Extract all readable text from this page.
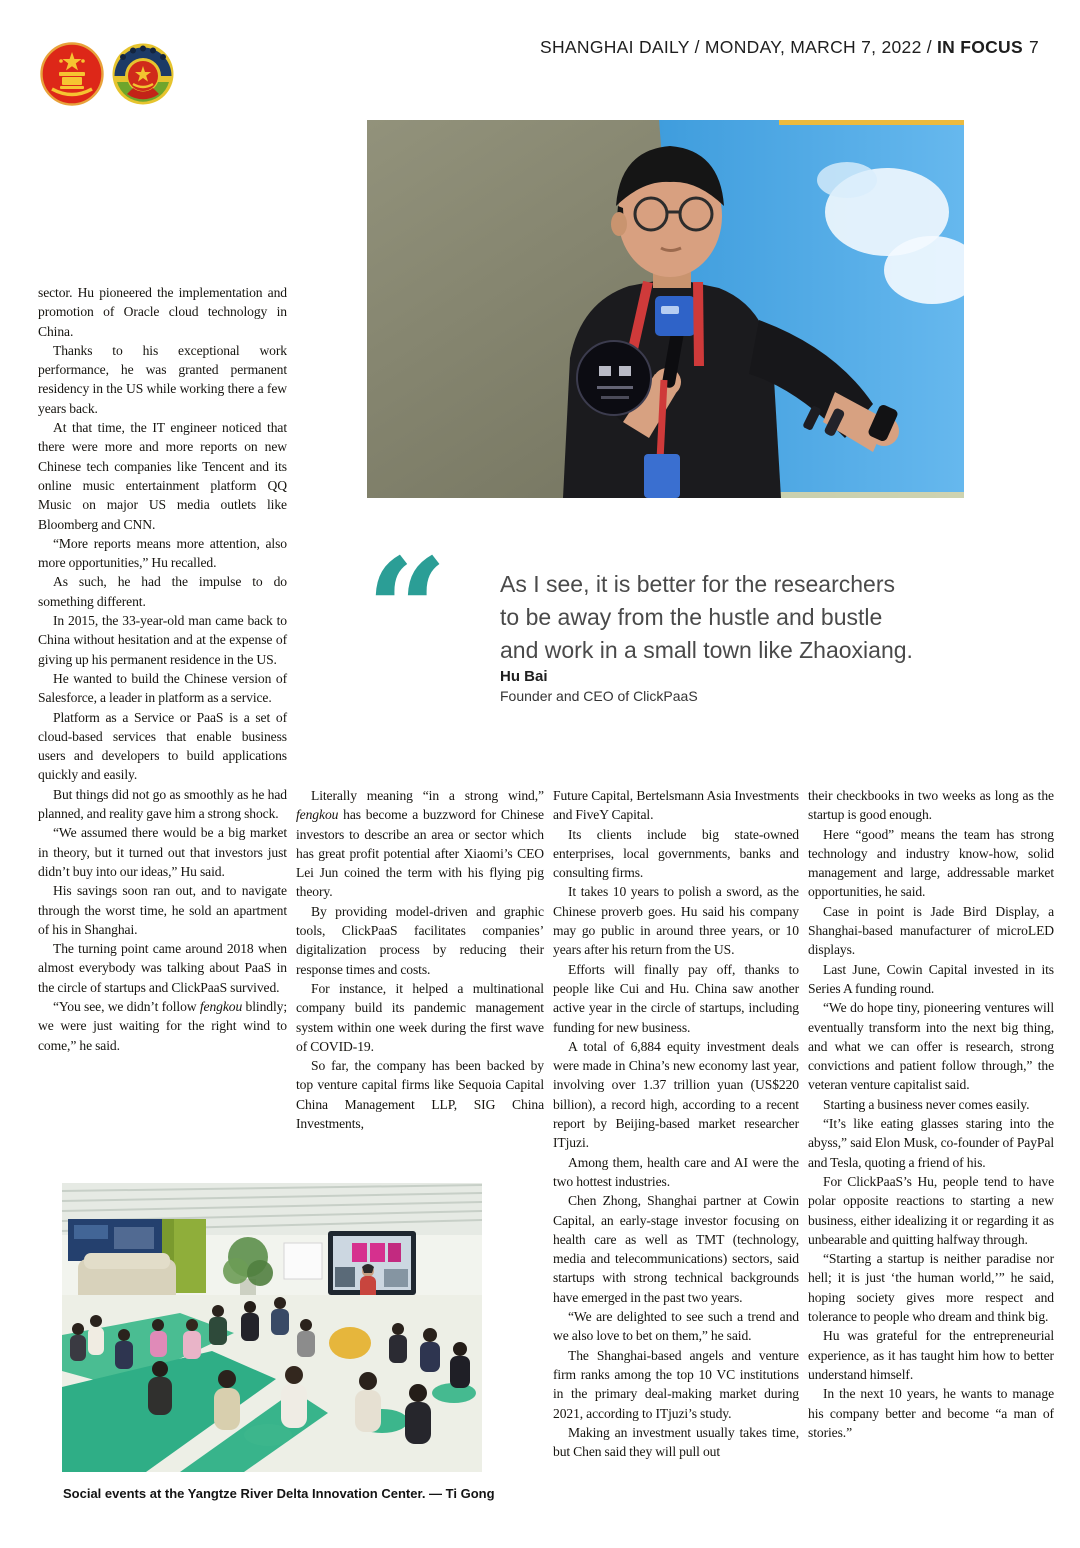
SHANGHAI DAILY / MONDAY, MARCH 7, 2022 / IN FOCUS 7
“ As I see, it is better for the researchers to be away from the hustle and bustle and work in a small town like Zhaoxiang.
Hu Bai
Founder and CEO of ClickPaaS

sector. Hu pioneered the implementation and promotion of Oracle cloud technology in China.

Thanks to his exceptional work performance, he was granted permanent residency in the US while working there a few years back.

At that time, the IT engineer noticed that there were more and more reports on new Chinese tech companies like Tencent and its online music entertainment platform QQ Music on major US media outlets like Bloomberg and CNN.

“More reports means more attention, also more opportunities,” Hu recalled.

As such, he had the impulse to do something different.

In 2015, the 33-year-old man came back to China without hesitation and at the expense of giving up his permanent residence in the US.

He wanted to build the Chinese version of Salesforce, a leader in platform as a service.

Platform as a Service or PaaS is a set of cloud-based services that enable business users and developers to build applications quickly and easily.

But things did not go as smoothly as he had planned, and reality gave him a strong shock.

“We assumed there would be a big market in theory, but it turned out that investors just didn’t buy into our ideas,” Hu said.

His savings soon ran out, and to navigate through the worst time, he sold an apartment of his in Shanghai.

The turning point came around 2018 when almost everybody was talking about PaaS in the circle of startups and ClickPaaS survived.

“You see, we didn’t follow fengkou blindly; we were just waiting for the right wind to come,” he said.

Literally meaning “in a strong wind,” fengkou has become a buzzword for Chinese investors to describe an area or sector which has great profit potential after Xiaomi’s CEO Lei Jun coined the term with his flying pig theory.

By providing model-driven and graphic tools, ClickPaaS facilitates companies’ digitalization process by reducing their response times and costs.

For instance, it helped a multinational company build its pandemic management system within one week during the first wave of COVID-19.

So far, the company has been backed by top venture capital firms like Sequoia Capital China Management LLP, SIG China Investments,

Future Capital, Bertelsmann Asia Investments and FiveY Capital.

Its clients include big state-owned enterprises, local governments, banks and consulting firms.

It takes 10 years to polish a sword, as the Chinese proverb goes. Hu said his company may go public in around three years, or 10 years after his return from the US.

Efforts will finally pay off, thanks to people like Cui and Hu. China saw another active year in the circle of startups, including funding for new business.

A total of 6,884 equity investment deals were made in China’s new economy last year, involving over 1.37 trillion yuan (US$220 billion), a record high, according to a recent report by Beijing-based market researcher ITjuzi.

Among them, health care and AI were the two hottest industries.

Chen Zhong, Shanghai partner at Cowin Capital, an early-stage investor focusing on health care as well as TMT (technology, media and telecommunications) sectors, said startups with strong technical backgrounds have emerged in the past two years.

“We are delighted to see such a trend and we also love to bet on them,” he said.

The Shanghai-based angels and venture firm ranks among the top 10 VC institutions in the primary deal-making market during 2021, according to ITjuzi’s study.

Making an investment usually takes time, but Chen said they will pull out

their checkbooks in two weeks as long as the startup is good enough.

Here “good” means the team has strong technology and industry know-how, solid management and large, addressable market opportunities, he said.

Case in point is Jade Bird Display, a Shanghai-based manufacturer of microLED displays.

Last June, Cowin Capital invested in its Series A funding round.

“We do hope tiny, pioneering ventures will eventually transform into the next big thing, and what we can offer is research, strong convictions and patient follow through,” the veteran venture capitalist said.

Starting a business never comes easily.

“It’s like eating glasses staring into the abyss,” said Elon Musk, co-founder of PayPal and Tesla, quoting a friend of his.

For ClickPaaS’s Hu, people tend to have polar opposite reactions to starting a new business, either idealizing it or regarding it as unbearable and quitting halfway through.

“Starting a startup is neither paradise nor hell; it is just ‘the human world,’” he said, hoping society gives more respect and tolerance to people who dream and think big.

Hu was grateful for the entrepreneurial experience, as it has taught him how to better understand himself.

In the next 10 years, he wants to manage his company better and become “a man of stories.”

Social events at the Yangtze River Delta Innovation Center. — Ti Gong
